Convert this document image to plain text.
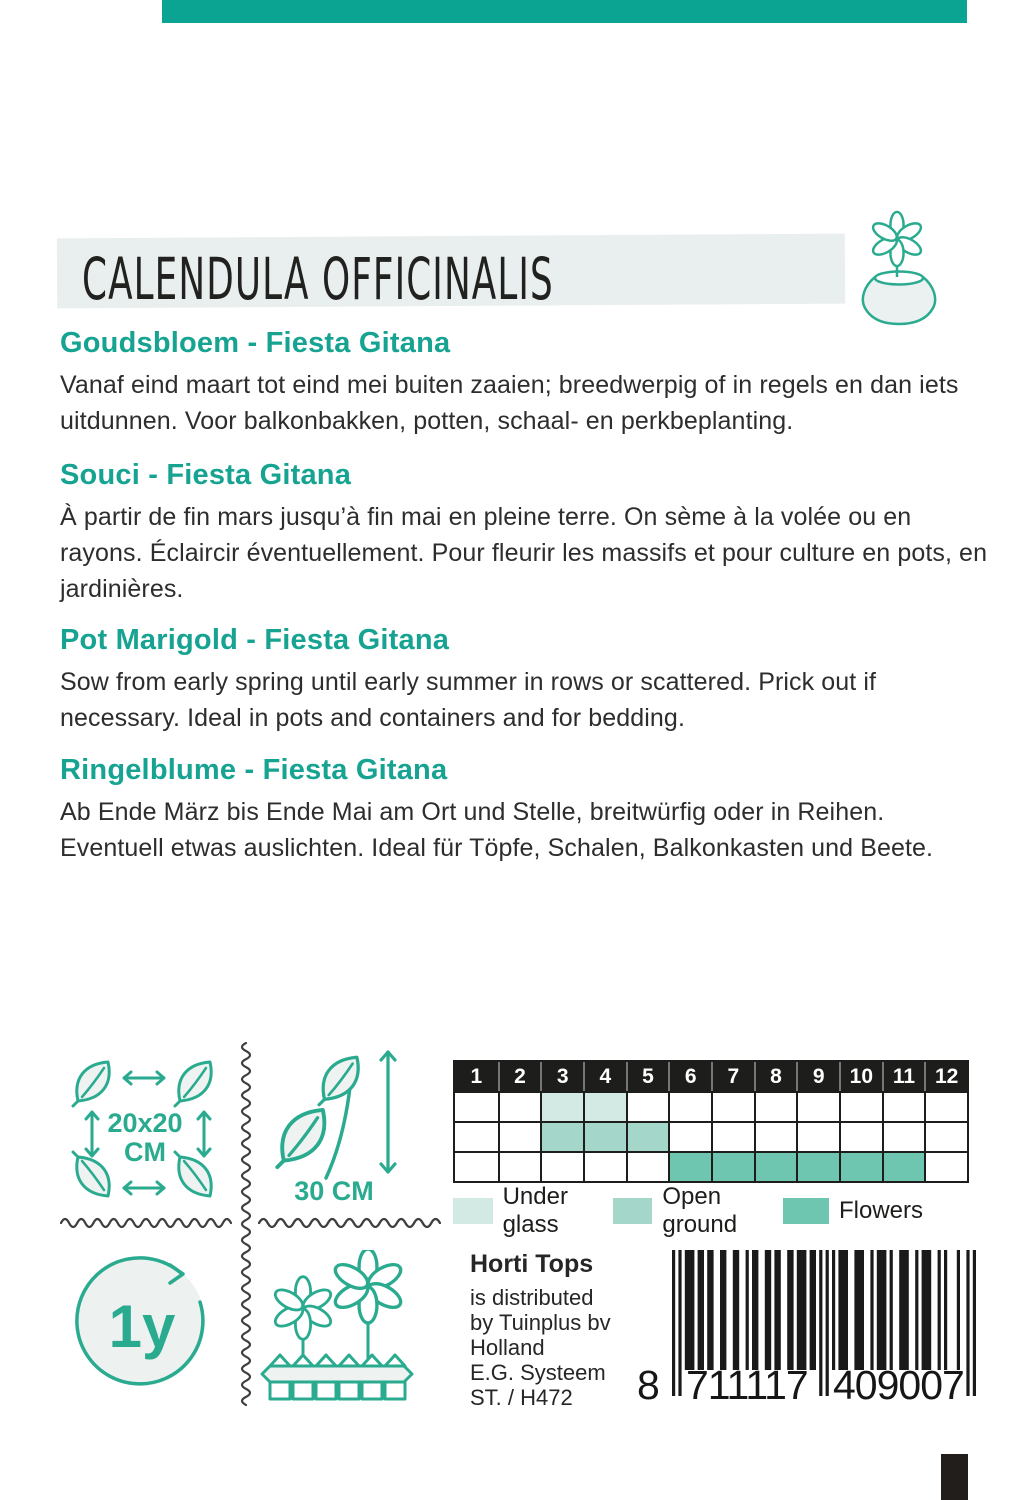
CALENDULA OFFICINALIS
Goudsbloem - Fiesta Gitana
Vanaf eind maart tot eind mei buiten zaaien; breedwerpig of in regels en dan iets uitdunnen. Voor balkonbakken, potten, schaal- en perkbeplanting.
Souci - Fiesta Gitana
À partir de fin mars jusqu’à fin mai en pleine terre. On sème à la volée ou en rayons. Éclaircir éventuellement. Pour fleurir les massifs et pour culture en pots, en jardinières.
Pot Marigold - Fiesta Gitana
Sow from early spring until early summer in rows or scattered. Prick out if necessary. Ideal in pots and containers and for bedding.
Ringelblume - Fiesta Gitana
Ab Ende März bis Ende Mai am Ort und Stelle, breitwürfig oder in Reihen. Eventuell etwas auslichten. Ideal für Töpfe, Schalen, Balkonkasten und Beete.
20x20
CM
30 CM
1	2	3	4	5	6	7	8	9	10 11 12
Under glass
Open ground
Flowers
1y
Horti Tops
is distributed
by Tuinplus bv
Holland
E.G. Systeem
ST. / H472	8 711117 409007
